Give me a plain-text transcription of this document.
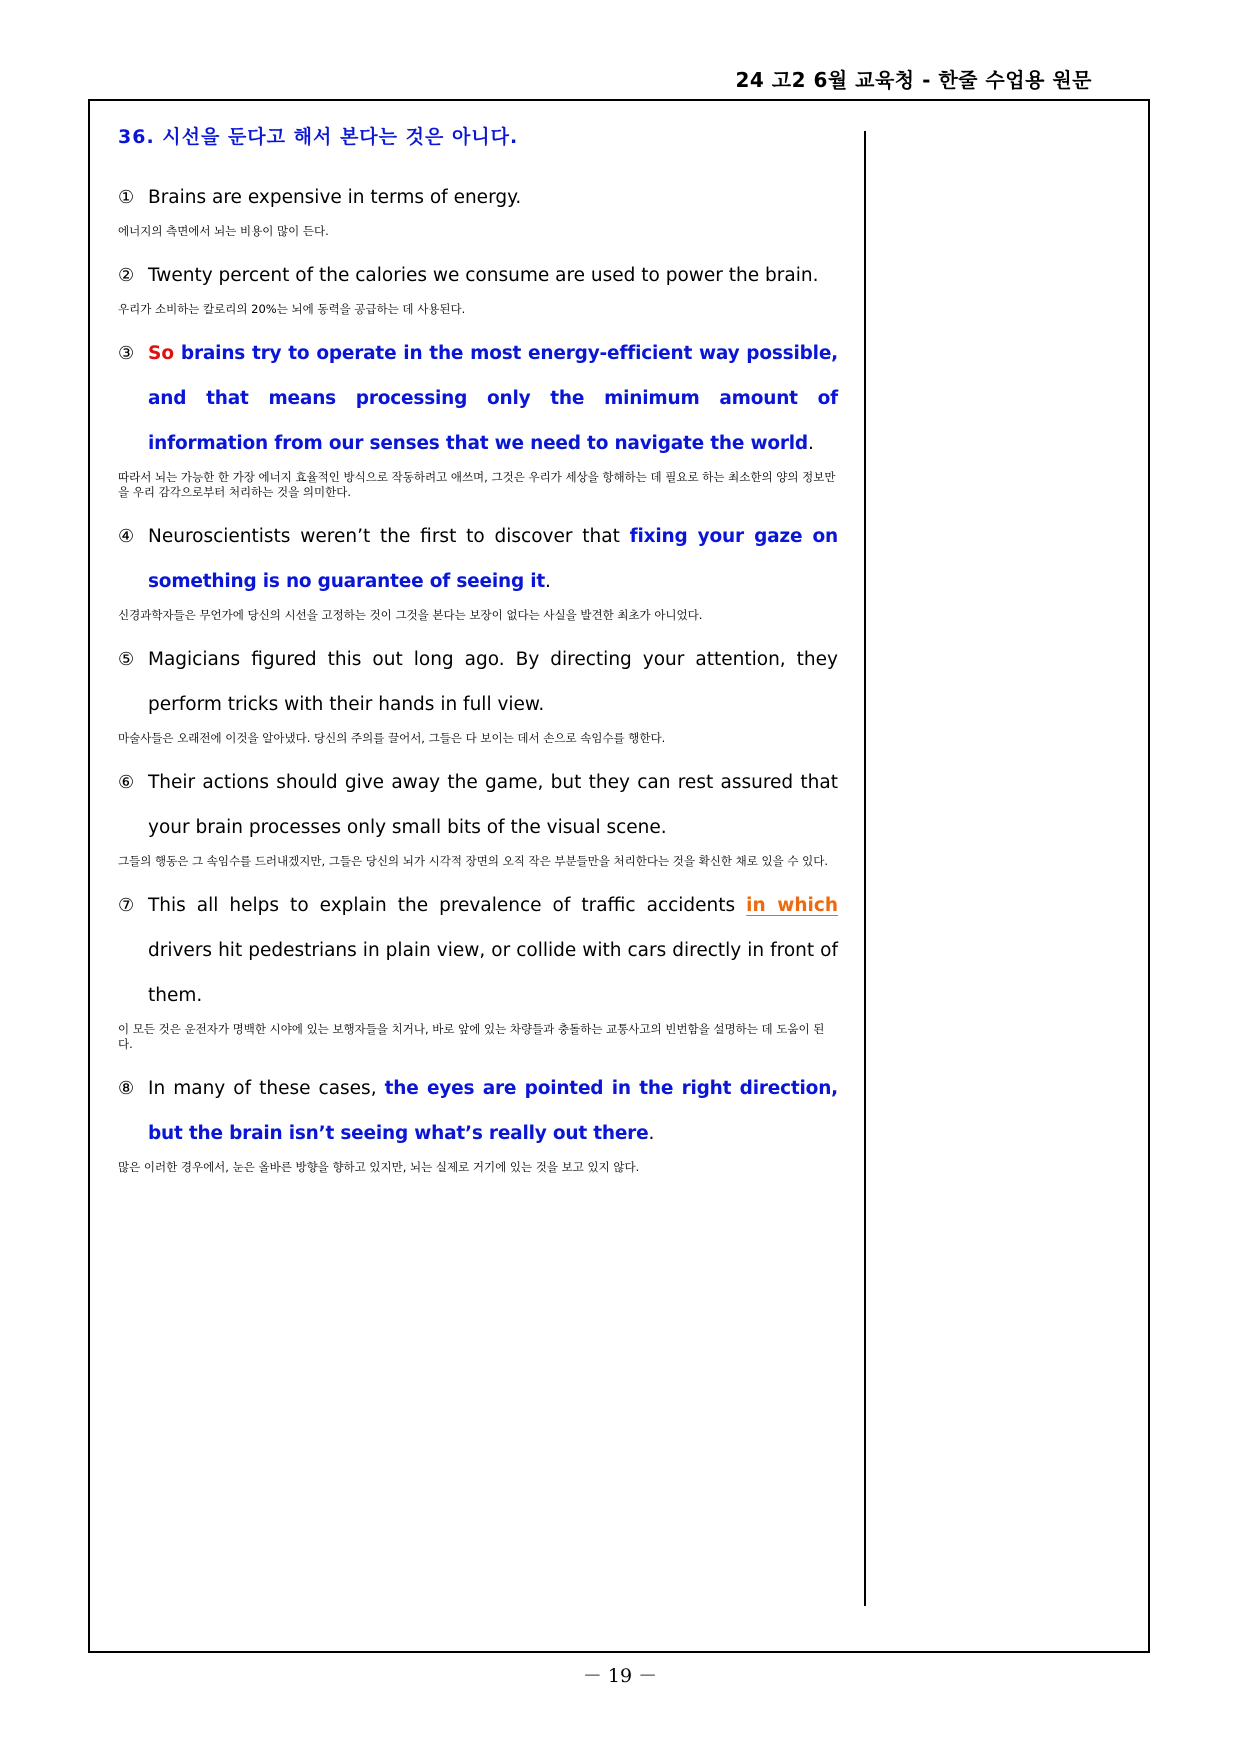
24 고2 6월 교육청 - 한줄 수업용 원문
36. 시선을 둔다고 해서 본다는 것은 아니다.
① Brains are expensive in terms of energy.
에너지의 측면에서 뇌는 비용이 많이 든다.
② Twenty percent of the calories we consume are used to power the brain.
우리가 소비하는 칼로리의 20%는 뇌에 동력을 공급하는 데 사용된다.
③ So brains try to operate in the most energy-efficient way possible, and that means processing only the minimum amount of information from our senses that we need to navigate the world.
따라서 뇌는 가능한 한 가장 에너지 효율적인 방식으로 작동하려고 애쓰며, 그것은 우리가 세상을 항해하는 데 필요로 하는 최소한의 양의 정보만을 우리 감각으로부터 처리하는 것을 의미한다.
④ Neuroscientists weren’t the first to discover that fixing your gaze on something is no guarantee of seeing it.
신경과학자들은 무언가에 당신의 시선을 고정하는 것이 그것을 본다는 보장이 없다는 사실을 발견한 최초가 아니었다.
⑤ Magicians figured this out long ago. By directing your attention, they perform tricks with their hands in full view.
마술사들은 오래전에 이것을 알아냈다. 당신의 주의를 끌어서, 그들은 다 보이는 데서 손으로 속임수를 행한다.
⑥ Their actions should give away the game, but they can rest assured that your brain processes only small bits of the visual scene.
그들의 행동은 그 속임수를 드러내겠지만, 그들은 당신의 뇌가 시각적 장면의 오직 작은 부분들만을 처리한다는 것을 확신한 채로 있을 수 있다.
⑦ This all helps to explain the prevalence of traffic accidents in which drivers hit pedestrians in plain view, or collide with cars directly in front of them.
이 모든 것은 운전자가 명백한 시야에 있는 보행자들을 치거나, 바로 앞에 있는 차량들과 충돌하는 교통사고의 빈번함을 설명하는 데 도움이 된다.
⑧ In many of these cases, the eyes are pointed in the right direction, but the brain isn’t seeing what’s really out there.
많은 이러한 경우에서, 눈은 올바른 방향을 향하고 있지만, 뇌는 실제로 거기에 있는 것을 보고 있지 않다.
－ 19 －
